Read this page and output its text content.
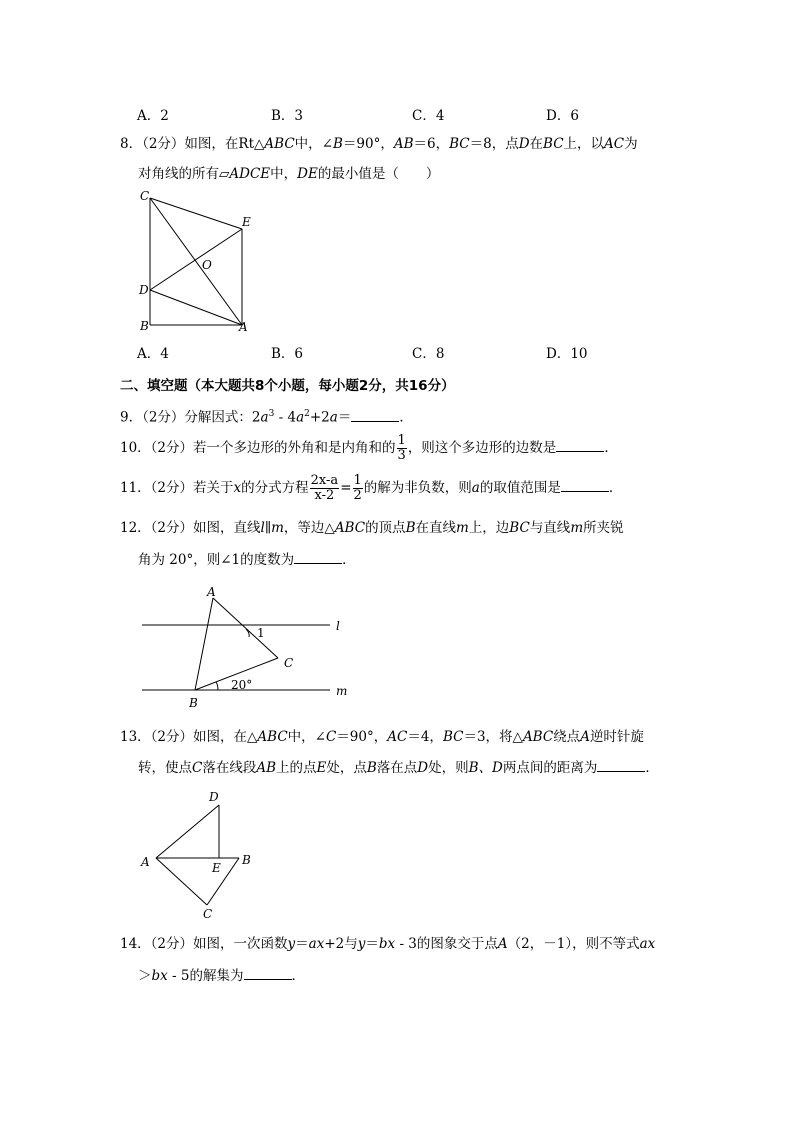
A．2	B．3	C．4	D．6
8．（2分）如图，在Rt△ABC中，∠B＝90°，AB＝6，BC＝8，点D在BC上，以AC为
对角线的所有▱ADCE中，DE的最小值是（　　）
C
E
O
D
B	A
A．4	B．6	C．8	D．10
二、填空题（本大题共8个小题，每小题2分，共16分）
9．（2分）分解因式：$2a^3 - 4a^2+2a=$	．
10．（2分）若一个多边形的外角和是内角和的 $\frac{1}{3}$ ，则这个多边形的边数是	．
11．（2分）若关于x的分式方程 $\frac{2x-a}{x-2} = \frac{1}{2}$ 的解为非负数，则a的取值范围是	．
12．（2分）如图，直线l∥m，等边△ABC的顶点B在直线m上，边BC与直线m所夹锐
角为 20°，则∠1的度数为	．
A
1	l
C
20°
B
m
13．（2分）如图，在△ABC中，∠C＝90°，AC＝4，BC＝3，将△ABC绕点A逆时针旋
转，使点C落在线段AB上的点E处，点B落在点D处，则B、D两点间的距离为	．
D
A	E
B
C
14．（2分）如图，一次函数y＝ax+2与y＝bx - 3的图象交于点A（2，－1），则不等式ax
＞bx - 5的解集为	．
